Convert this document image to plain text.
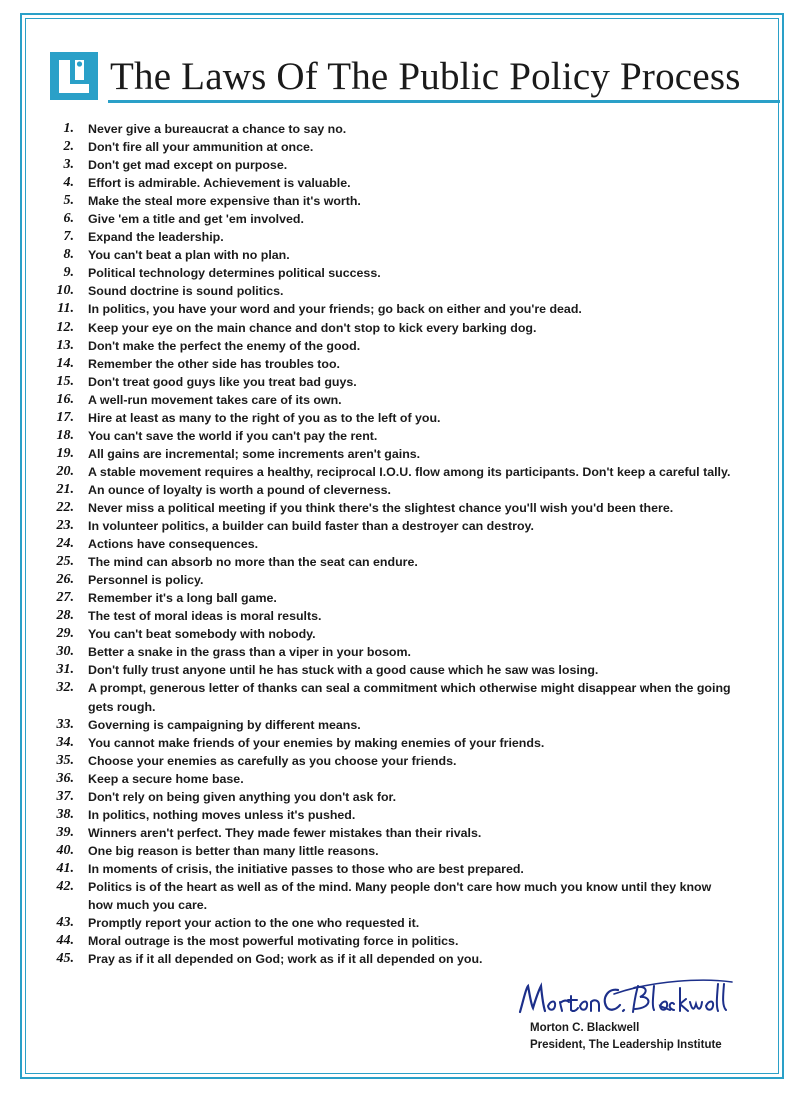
The Laws Of The Public Policy Process
1. Never give a bureaucrat a chance to say no.
2. Don't fire all your ammunition at once.
3. Don't get mad except on purpose.
4. Effort is admirable. Achievement is valuable.
5. Make the steal more expensive than it's worth.
6. Give 'em a title and get 'em involved.
7. Expand the leadership.
8. You can't beat a plan with no plan.
9. Political technology determines political success.
10. Sound doctrine is sound politics.
11. In politics, you have your word and your friends; go back on either and you're dead.
12. Keep your eye on the main chance and don't stop to kick every barking dog.
13. Don't make the perfect the enemy of the good.
14. Remember the other side has troubles too.
15. Don't treat good guys like you treat bad guys.
16. A well-run movement takes care of its own.
17. Hire at least as many to the right of you as to the left of you.
18. You can't save the world if you can't pay the rent.
19. All gains are incremental; some increments aren't gains.
20. A stable movement requires a healthy, reciprocal I.O.U. flow among its participants. Don't keep a careful tally.
21. An ounce of loyalty is worth a pound of cleverness.
22. Never miss a political meeting if you think there's the slightest chance you'll wish you'd been there.
23. In volunteer politics, a builder can build faster than a destroyer can destroy.
24. Actions have consequences.
25. The mind can absorb no more than the seat can endure.
26. Personnel is policy.
27. Remember it's a long ball game.
28. The test of moral ideas is moral results.
29. You can't beat somebody with nobody.
30. Better a snake in the grass than a viper in your bosom.
31. Don't fully trust anyone until he has stuck with a good cause which he saw was losing.
32. A prompt, generous letter of thanks can seal a commitment which otherwise might disappear when the going gets rough.
33. Governing is campaigning by different means.
34. You cannot make friends of your enemies by making enemies of your friends.
35. Choose your enemies as carefully as you choose your friends.
36. Keep a secure home base.
37. Don't rely on being given anything you don't ask for.
38. In politics, nothing moves unless it's pushed.
39. Winners aren't perfect. They made fewer mistakes than their rivals.
40. One big reason is better than many little reasons.
41. In moments of crisis, the initiative passes to those who are best prepared.
42. Politics is of the heart as well as of the mind. Many people don't care how much you know until they know how much you care.
43. Promptly report your action to the one who requested it.
44. Moral outrage is the most powerful motivating force in politics.
45. Pray as if it all depended on God; work as if it all depended on you.
Morton C. Blackwell
President, The Leadership Institute
